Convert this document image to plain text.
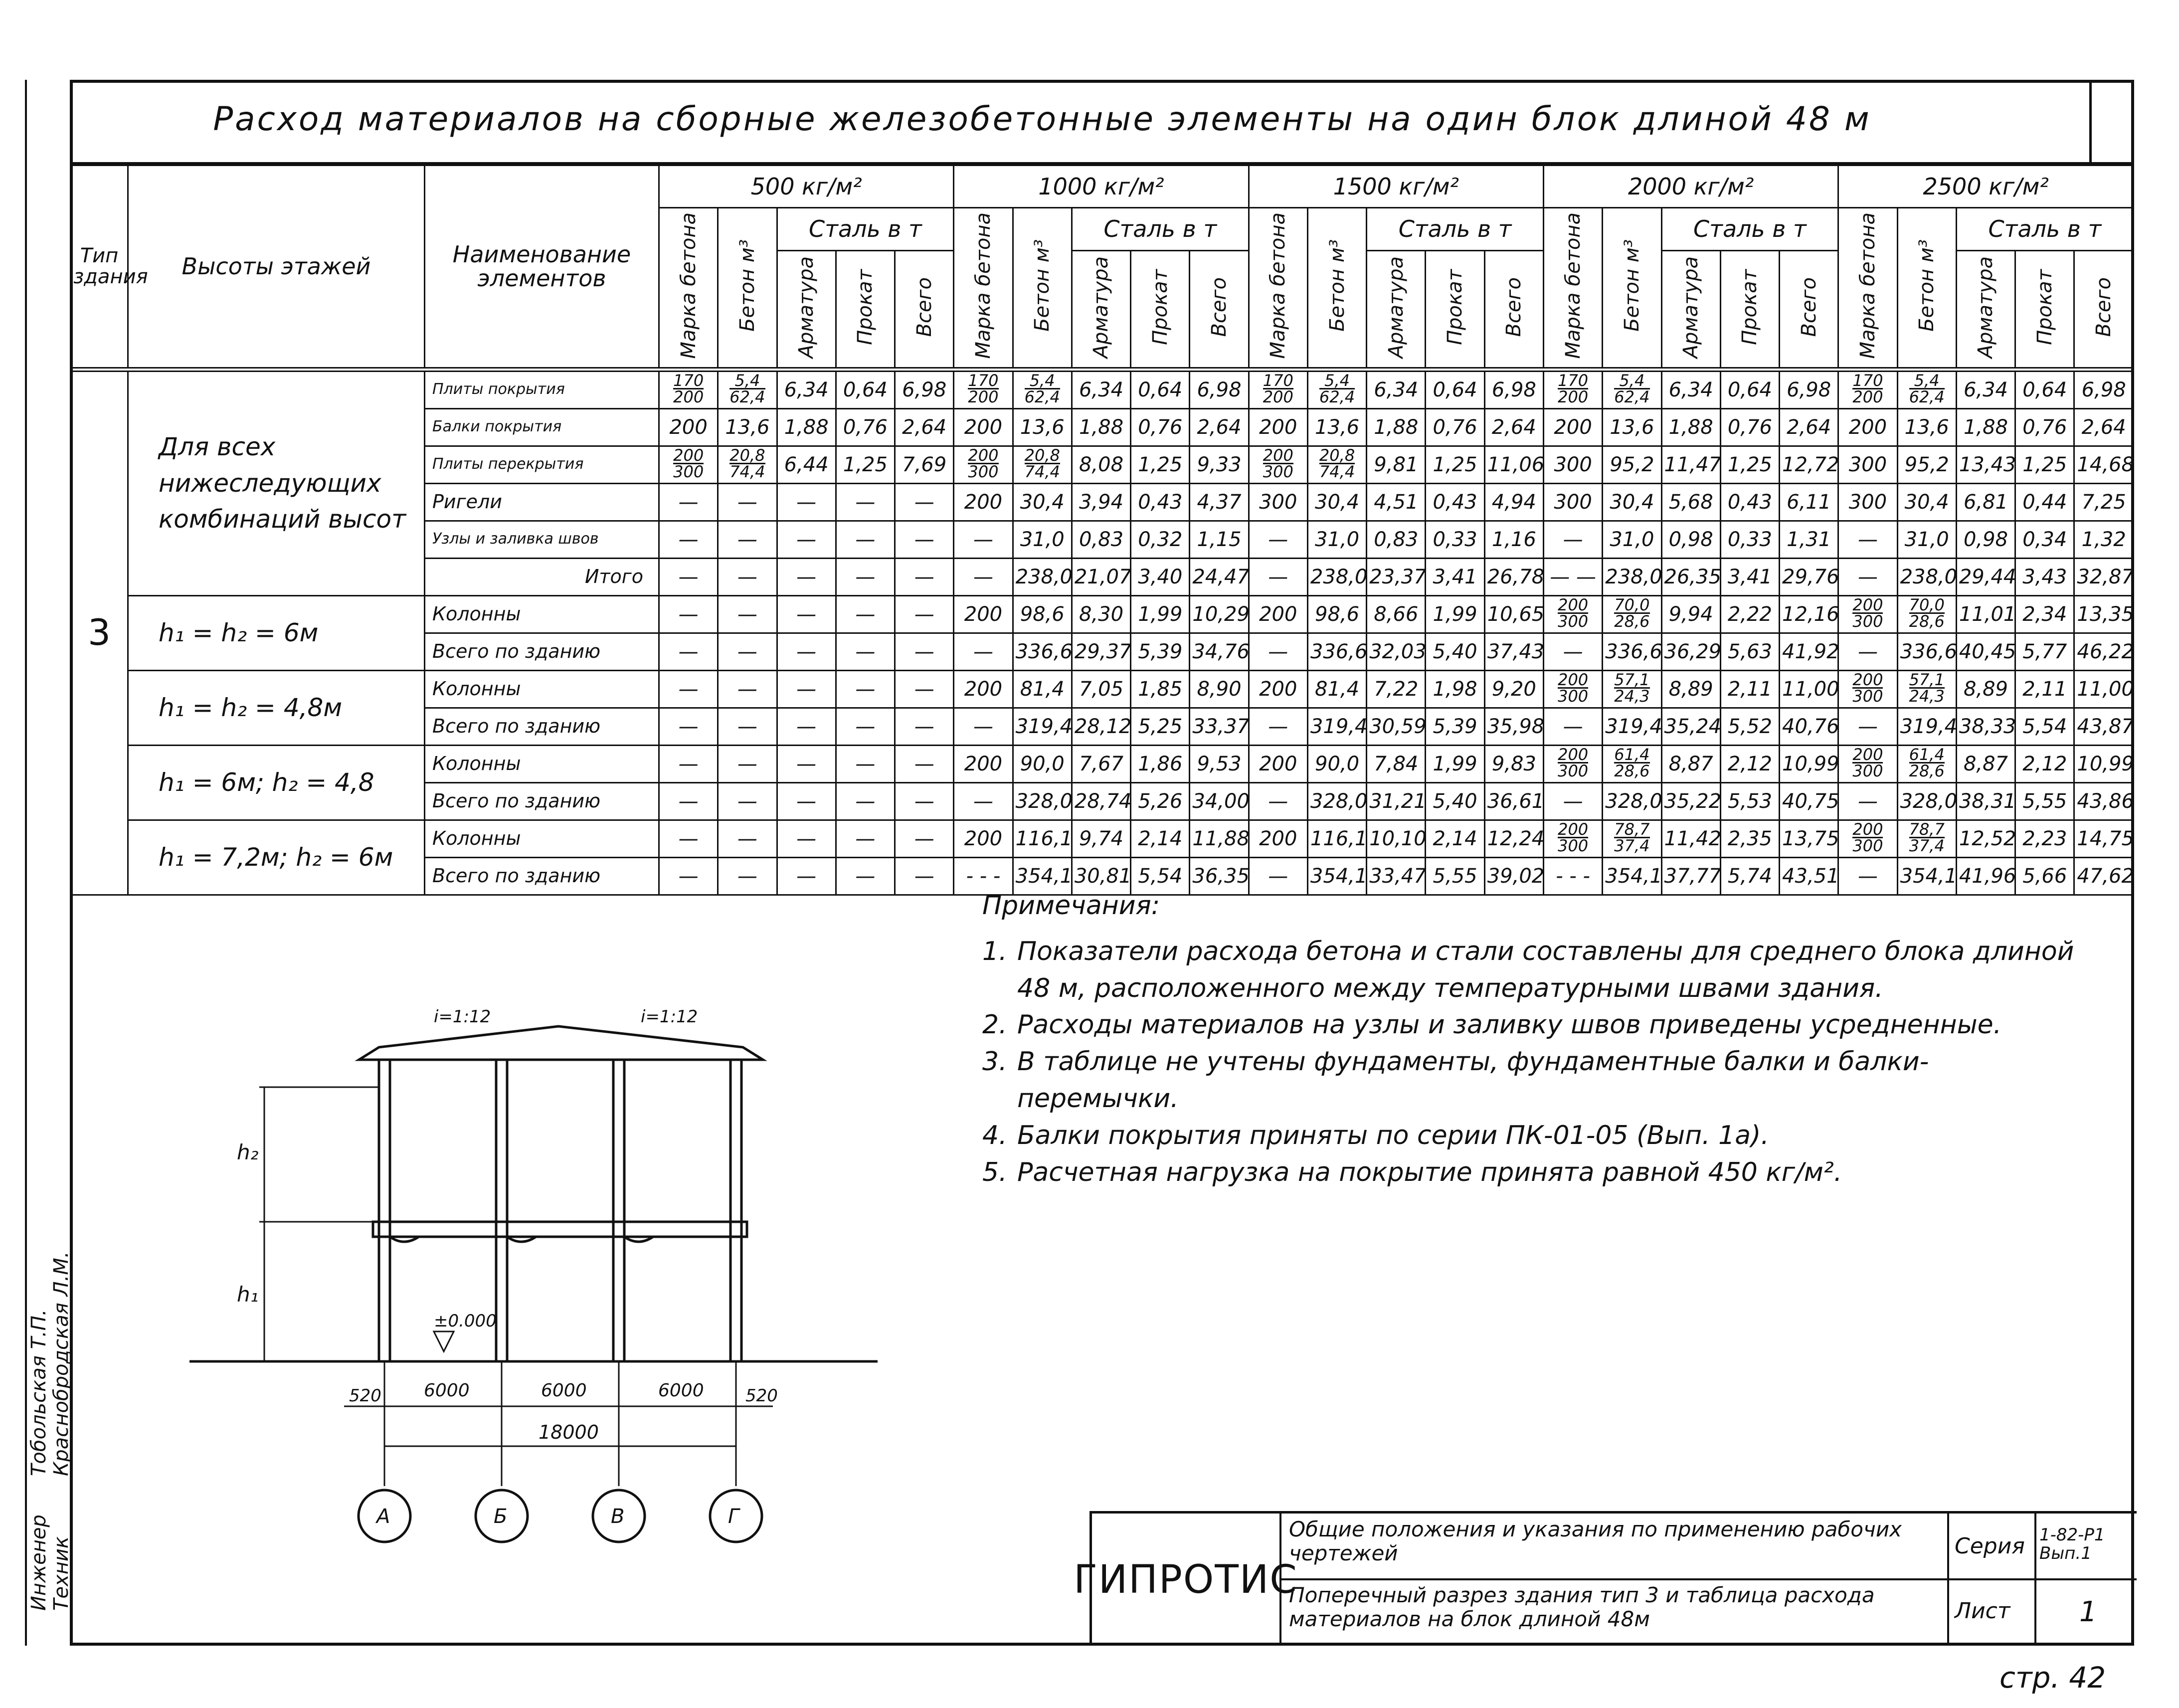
Расход материалов на сборные железобетонные элементы на один блок длиной 48 м
Тип здания	Высоты этажей	Наименование элементов	500 кг/м²					1000 кг/м²					1500 кг/м²					2000 кг/м²					2500 кг/м²				
			Марка бетона	Бетон м³	Сталь в т			Марка бетона	Бетон м³	Сталь в т			Марка бетона	Бетон м³	Сталь в т			Марка бетона	Бетон м³	Сталь в т			Марка бетона	Бетон м³	Сталь в т		
					Арматура	Прокат	Всего			Арматура	Прокат	Всего			Арматура	Прокат	Всего			Арматура	Прокат	Всего			Арматура	Прокат	Всего
3	Для всех нижеследующих комбинаций высот	Плиты покрытия	$\frac{170}{200}$	$\frac{5,4}{62,4}$	6,34	0,64	6,98	$\frac{170}{200}$	$\frac{5,4}{62,4}$	6,34	0,64	6,98	$\frac{170}{200}$	$\frac{5,4}{62,4}$	6,34	0,64	6,98	$\frac{170}{200}$	$\frac{5,4}{62,4}$	6,34	0,64	6,98	$\frac{170}{200}$	$\frac{5,4}{62,4}$	6,34	0,64	6,98
		Балки покрытия	200	13,6	1,88	0,76	2,64	200	13,6	1,88	0,76	2,64	200	13,6	1,88	0,76	2,64	200	13,6	1,88	0,76	2,64	200	13,6	1,88	0,76	2,64
		Плиты перекрытия	$\frac{200}{300}$	$\frac{20,8}{74,4}$	6,44	1,25	7,69	$\frac{200}{300}$	$\frac{20,8}{74,4}$	8,08	1,25	9,33	$\frac{200}{300}$	$\frac{20,8}{74,4}$	9,81	1,25	11,06	300	95,2	11,47	1,25	12,72	300	95,2	13,43	1,25	14,68
		Ригели	—	—	—	—	—	200	30,4	3,94	0,43	4,37	300	30,4	4,51	0,43	4,94	300	30,4	5,68	0,43	6,11	300	30,4	6,81	0,44	7,25
		Узлы и заливка швов	—	—	—	—	—	—	31,0	0,83	0,32	1,15	—	31,0	0,83	0,33	1,16	—	31,0	0,98	0,33	1,31	—	31,0	0,98	0,34	1,32
		Итого	—	—	—	—	—	—	238,0	21,07	3,40	24,47	—	238,0	23,37	3,41	26,78	— —	238,0	26,35	3,41	29,76	—	238,0	29,44	3,43	32,87
	h₁ = h₂ = 6м	Колонны	—	—	—	—	—	200	98,6	8,30	1,99	10,29	200	98,6	8,66	1,99	10,65	$\frac{200}{300}$	$\frac{70,0}{28,6}$	9,94	2,22	12,16	$\frac{200}{300}$	$\frac{70,0}{28,6}$	11,01	2,34	13,35
		Всего по зданию	—	—	—	—	—	—	336,6	29,37	5,39	34,76	—	336,6	32,03	5,40	37,43	—	336,6	36,29	5,63	41,92	—	336,6	40,45	5,77	46,22
	h₁ = h₂ = 4,8м	Колонны	—	—	—	—	—	200	81,4	7,05	1,85	8,90	200	81,4	7,22	1,98	9,20	$\frac{200}{300}$	$\frac{57,1}{24,3}$	8,89	2,11	11,00	$\frac{200}{300}$	$\frac{57,1}{24,3}$	8,89	2,11	11,00
		Всего по зданию	—	—	—	—	—	—	319,4	28,12	5,25	33,37	—	319,4	30,59	5,39	35,98	—	319,4	35,24	5,52	40,76	—	319,4	38,33	5,54	43,87
	h₁ = 6м; h₂ = 4,8	Колонны	—	—	—	—	—	200	90,0	7,67	1,86	9,53	200	90,0	7,84	1,99	9,83	$\frac{200}{300}$	$\frac{61,4}{28,6}$	8,87	2,12	10,99	$\frac{200}{300}$	$\frac{61,4}{28,6}$	8,87	2,12	10,99
		Всего по зданию	—	—	—	—	—	—	328,0	28,74	5,26	34,00	—	328,0	31,21	5,40	36,61	—	328,0	35,22	5,53	40,75	—	328,0	38,31	5,55	43,86
	h₁ = 7,2м; h₂ = 6м	Колонны	—	—	—	—	—	200	116,1	9,74	2,14	11,88	200	116,1	10,10	2,14	12,24	$\frac{200}{300}$	$\frac{78,7}{37,4}$	11,42	2,35	13,75	$\frac{200}{300}$	$\frac{78,7}{37,4}$	12,52	2,23	14,75
		Всего по зданию	—	—	—	—	—	- - -	354,1	30,81	5,54	36,35	—	354,1	33,47	5,55	39,02	- - -	354,1	37,77	5,74	43,51	—	354,1	41,96	5,66	47,62
i=1:12	i=1:12
h₂
h₁
±0.000
520 6000	6000	6000 520
18000
А	Б	В	Г
Примечания:
1. Показатели расхода бетона и стали составлены для среднего блока длиной 48 м, расположенного между температурными швами здания.
2. Расходы материалов на узлы и заливку швов приведены усредненные.
3. В таблице не учтены фундаменты, фундаментные балки и балки-перемычки.
4. Балки покрытия приняты по серии ПК-01-05 (Вып. 1а).
5. Расчетная нагрузка на покрытие принята равной 450 кг/м².
ГИПРОТИС
Общие положения и указания по применению рабочих чертежей
Поперечный разрез здания тип 3 и таблица расхода материалов на блок длиной 48м
Серия 1-82-Р1 Вып.1
Лист 1
Инженер Техник
Тобольская Т.П. Краснобродская Л.М.
стр. 42
